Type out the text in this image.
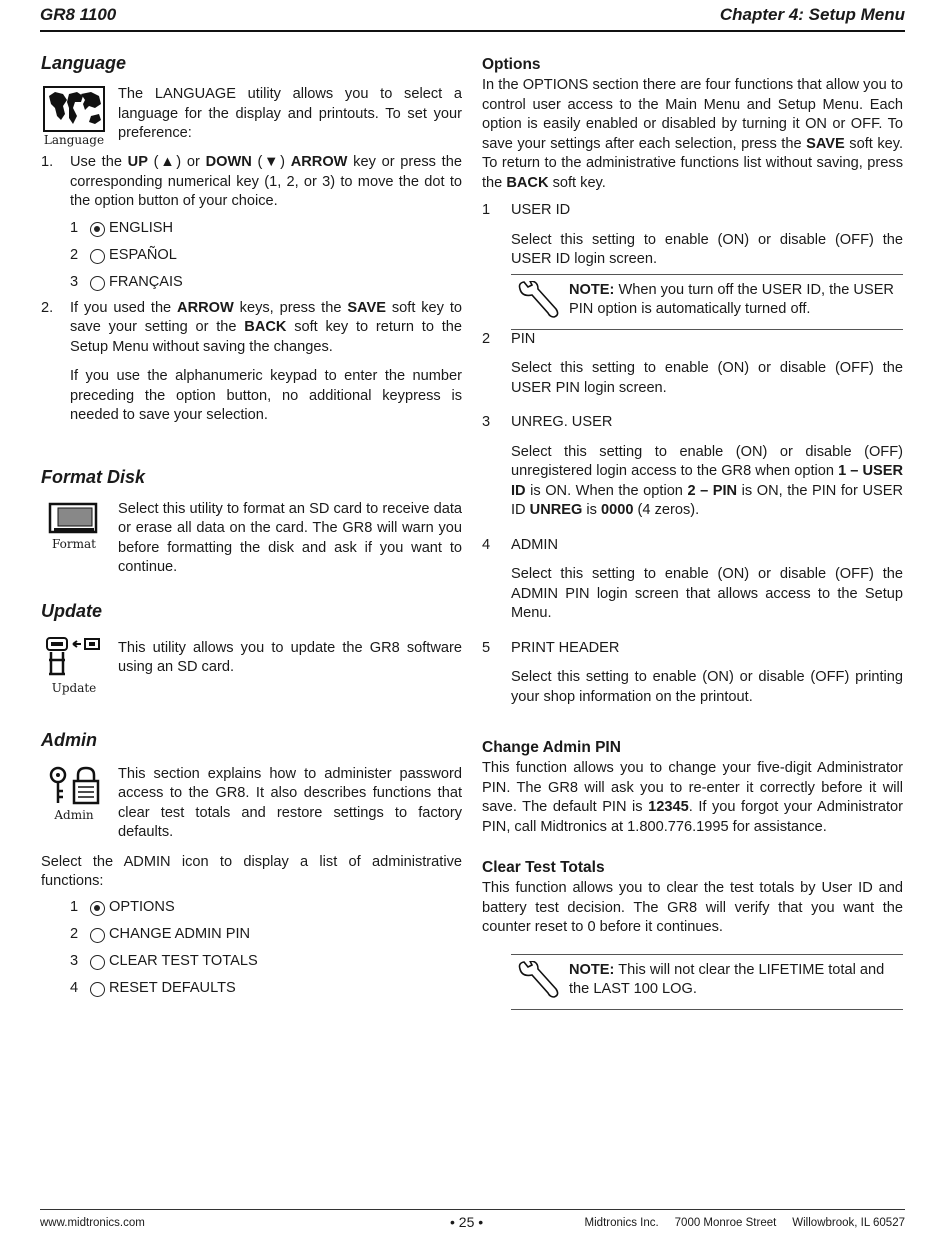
GR8 1100	Chapter 4: Setup Menu
Language
Language
The LANGUAGE utility allows you to select a language for the display and printouts. To set your preference:
1.	Use the UP (▲) or DOWN (▼) ARROW key or press the corresponding numerical key (1, 2, or 3) to move the dot to the option button of your choice.
1	ENGLISH
2	ESPAÑOL
3	FRANÇAIS
2.	If you used the ARROW keys, press the SAVE soft key to save your setting or the BACK soft key to return to the Setup Menu without saving the changes.

If you use the alphanumeric keypad to enter the number preceding the option button, no additional keypress is needed to save your selection.

Format Disk
Format
Select this utility to format an SD card to receive data or erase all data on the card. The GR8 will warn you before formatting the disk and ask if you want to continue.
Update
Update
This utility allows you to update the GR8 software using an SD card.
Admin
Admin
This section explains how to administer password access to the GR8. It also describes functions that clear test totals and restore settings to factory defaults.

Select the ADMIN icon to display a list of administrative functions:

1	OPTIONS
2	CHANGE ADMIN PIN
3	CLEAR TEST TOTALS
4	RESET DEFAULTS
Options

In the OPTIONS section there are four functions that allow you to control user access to the Main Menu and Setup Menu. Each option is easily enabled or disabled by turning it ON or OFF. To save your settings after each selection, press the SAVE soft key. To return to the administrative functions list without saving, press the BACK soft key.

1	USER ID

Select this setting to enable (ON) or disable (OFF) the USER ID login screen.

NOTE: When you turn off the USER ID, the USER PIN option is automatically turned off.
2	PIN

Select this setting to enable (ON) or disable (OFF) the USER PIN login screen.

3	UNREG. USER

Select this setting to enable (ON) or disable (OFF) unregistered login access to the GR8 when option 1 – USER ID is ON. When the option 2 – PIN is ON, the PIN for USER ID UNREG is 0000 (4 zeros).

4	ADMIN

Select this setting to enable (ON) or disable (OFF) the ADMIN PIN login screen that allows access to the Setup Menu.

5	PRINT HEADER

Select this setting to enable (ON) or disable (OFF) printing your shop information on the printout.

Change Admin PIN

This function allows you to change your five-digit Administrator PIN. The GR8 will ask you to re-enter it correctly before it will save. The default PIN is 12345. If you forgot your Administrator PIN, call Midtronics at 1.800.776.1995 for assistance.

Clear Test Totals

This function allows you to clear the test totals by User ID and battery test decision. The GR8 will verify that you want the counter reset to 0 before it continues.

NOTE: This will not clear the LIFETIME total and the LAST 100 LOG.
www.midtronics.com	• 25 •	Midtronics Inc.     7000 Monroe Street     Willowbrook, IL 60527
